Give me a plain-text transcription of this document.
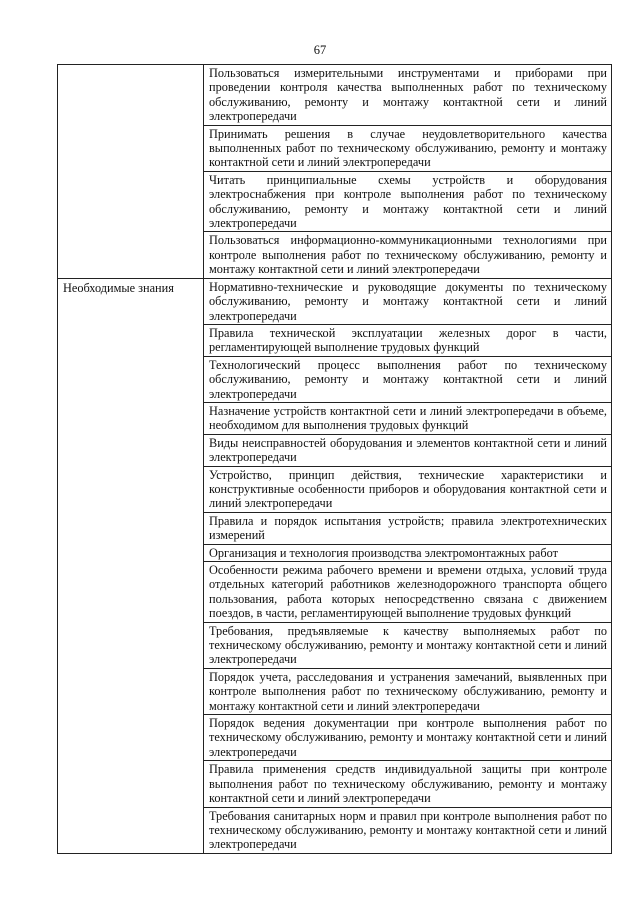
67
	Пользоваться измерительными инструментами и приборами при проведении контроля качества выполненных работ по техническому обслуживанию, ремонту и монтажу контактной сети и линий электропередачи
	Принимать решения в случае неудовлетворительного качества выполненных работ по техническому обслуживанию, ремонту и монтажу контактной сети и линий электропередачи
	Читать принципиальные схемы устройств и оборудования электроснабжения при контроле выполнения работ по техническому обслуживанию, ремонту и монтажу контактной сети и линий электропередачи
	Пользоваться информационно-коммуникационными технологиями при контроле выполнения работ по техническому обслуживанию, ремонту и монтажу контактной сети и линий электропередачи

Необходимые знания	Нормативно-технические и руководящие документы по техническому обслуживанию, ремонту и монтажу контактной сети и линий электропередачи
	Правила технической эксплуатации железных дорог в части, регламентирующей выполнение трудовых функций
	Технологический процесс выполнения работ по техническому обслуживанию, ремонту и монтажу контактной сети и линий электропередачи
	Назначение устройств контактной сети и линий электропередачи в объеме, необходимом для выполнения трудовых функций
	Виды неисправностей оборудования и элементов контактной сети и линий электропередачи
	Устройство, принцип действия, технические характеристики и конструктивные особенности приборов и оборудования контактной сети и линий электропередачи
	Правила и порядок испытания устройств; правила электротехнических измерений
	Организация и технология производства электромонтажных работ
	Особенности режима рабочего времени и времени отдыха, условий труда отдельных категорий работников железнодорожного транспорта общего пользования, работа которых непосредственно связана с движением поездов, в части, регламентирующей выполнение трудовых функций
	Требования, предъявляемые к качеству выполняемых работ по техническому обслуживанию, ремонту и монтажу контактной сети и линий электропередачи
	Порядок учета, расследования и устранения замечаний, выявленных при контроле выполнения работ по техническому обслуживанию, ремонту и монтажу контактной сети и линий электропередачи
	Порядок ведения документации при контроле выполнения работ по техническому обслуживанию, ремонту и монтажу контактной сети и линий электропередачи
	Правила применения средств индивидуальной защиты при контроле выполнения работ по техническому обслуживанию, ремонту и монтажу контактной сети и линий электропередачи
	Требования санитарных норм и правил при контроле выполнения работ по техническому обслуживанию, ремонту и монтажу контактной сети и линий электропередачи
